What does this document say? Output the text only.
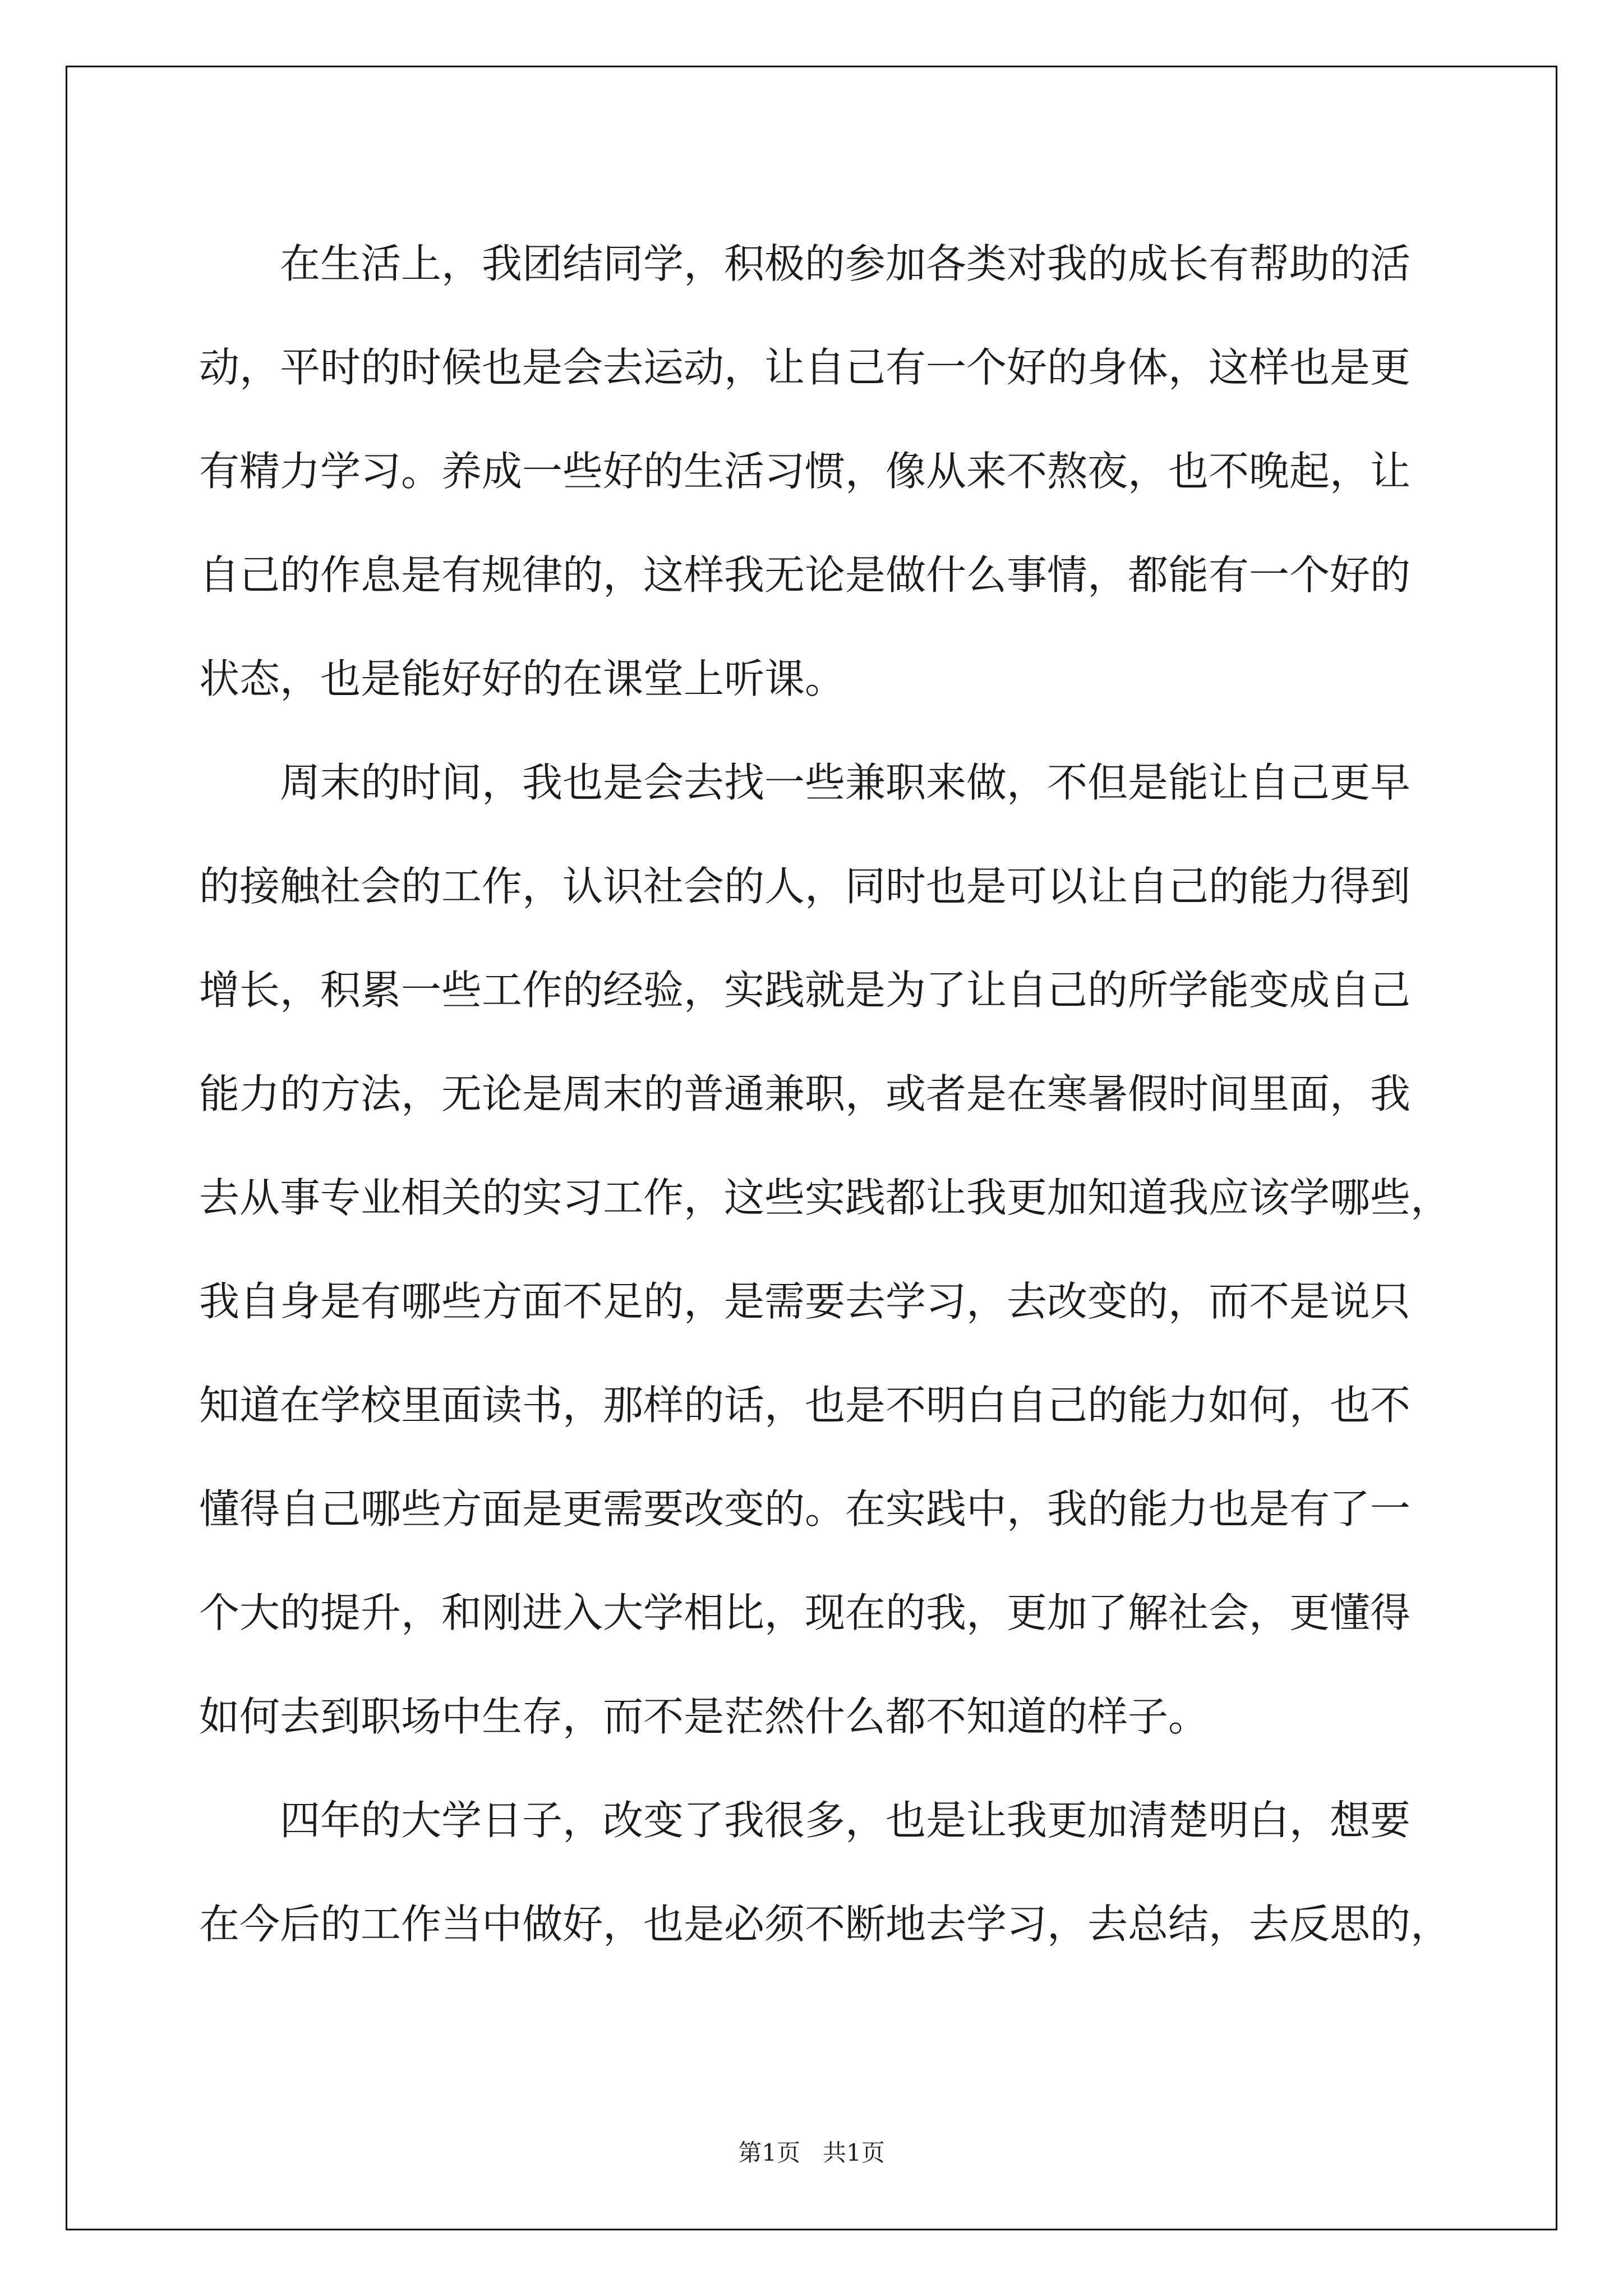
　　在生活上，我团结同学，积极的参加各类对我的成长有帮助的活
动，平时的时候也是会去运动，让自己有一个好的身体，这样也是更
有精力学习。养成一些好的生活习惯，像从来不熬夜，也不晚起，让
自己的作息是有规律的，这样我无论是做什么事情，都能有一个好的
状态，也是能好好的在课堂上听课。

　　周末的时间，我也是会去找一些兼职来做，不但是能让自己更早
的接触社会的工作，认识社会的人，同时也是可以让自己的能力得到
增长，积累一些工作的经验，实践就是为了让自己的所学能变成自己
能力的方法，无论是周末的普通兼职，或者是在寒暑假时间里面，我
去从事专业相关的实习工作，这些实践都让我更加知道我应该学哪些，
我自身是有哪些方面不足的，是需要去学习，去改变的，而不是说只
知道在学校里面读书，那样的话，也是不明白自己的能力如何，也不
懂得自己哪些方面是更需要改变的。在实践中，我的能力也是有了一
个大的提升，和刚进入大学相比，现在的我，更加了解社会，更懂得
如何去到职场中生存，而不是茫然什么都不知道的样子。

　　四年的大学日子，改变了我很多，也是让我更加清楚明白，想要
在今后的工作当中做好，也是必须不断地去学习，去总结，去反思的，

第1页 共1页
